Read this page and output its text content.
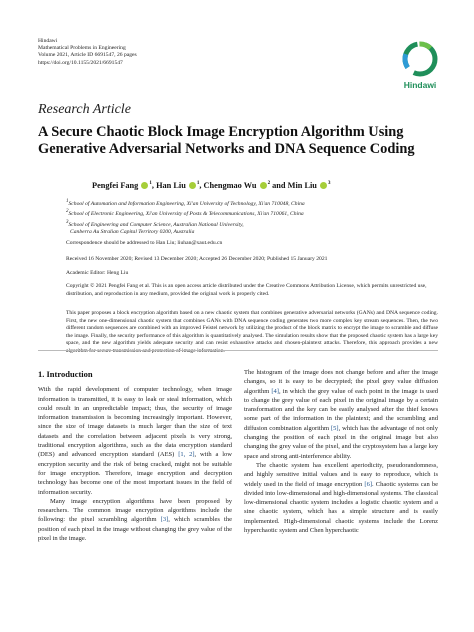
Hindawi
Mathematical Problems in Engineering
Volume 2021, Article ID 6691547, 26 pages
https://doi.org/10.1155/2021/6691547
Hindawi
Research Article
A Secure Chaotic Block Image Encryption Algorithm Using Generative Adversarial Networks and DNA Sequence Coding
Pengfei Fang $^1$, Han Liu $^1$, Chengmao Wu $^2$ and Min Liu $^3$
1School of Automation and Information Engineering, Xi'an University of Technology, Xi'an 710048, China
2School of Electronic Engineering, Xi'an University of Posts & Telecommunications, Xi'an 710061, China
3School of Engineering and Computer Science, Australian National University,
Canberra Au Stralian Capital Territory 0200, Australia
Correspondence should be addressed to Han Liu; liuhan@xaut.edu.cn
Received 16 November 2020; Revised 13 December 2020; Accepted 26 December 2020; Published 15 January 2021
Academic Editor: Heng Liu
Copyright © 2021 Pengfei Fang et al. This is an open access article distributed under the Creative Commons Attribution License, which permits unrestricted use, distribution, and reproduction in any medium, provided the original work is properly cited.
This paper proposes a block encryption algorithm based on a new chaotic system that combines generative adversarial networks (GANs) and DNA sequence coding. First, the new one-dimensional chaotic system that combines GANs with DNA sequence coding generates two more complex key stream sequences. Then, the two different random sequences are combined with an improved Feistel network by utilizing the product of the block matrix to encrypt the image to scramble and diffuse the image. Finally, the security performance of this algorithm is quantitatively analysed. The simulation results show that the proposed chaotic system has a large key space, and the new algorithm yields adequate security and can resist exhaustive attacks and chosen-plaintext attacks. Therefore, this approach provides a new algorithm for secure transmission and protection of image information.
1. Introduction

With the rapid development of computer technology, when image information is transmitted, it is easy to leak or steal information, which could result in an unpredictable impact; thus, the security of image information transmission is becoming increasingly important. However, since the size of image datasets is much larger than the size of text datasets and the correlation between adjacent pixels is very strong, traditional encryption algorithms, such as the data encryption standard (DES) and advanced encryption standard (AES) [1, 2], with a low encryption security and the risk of being cracked, might not be suitable for image encryption. Therefore, image encryption and decryption technology has become one of the most important issues in the field of information security.

Many image encryption algorithms have been proposed by researchers. The common image encryption algorithms include the following: the pixel scrambling algorithm [3], which scrambles the position of each pixel in the image without changing the grey value of the pixel in the image.

The histogram of the image does not change before and after the image changes, so it is easy to be decrypted; the pixel grey value diffusion algorithm [4], in which the grey value of each point in the image is used to change the grey value of each pixel in the original image by a certain transformation and the key can be easily analysed after the thief knows some part of the information in the plaintext; and the scrambling and diffusion combination algorithm [5], which has the advantage of not only changing the position of each pixel in the original image but also changing the grey value of the pixel, and the cryptosystem has a large key space and strong anti-interference ability.

The chaotic system has excellent aperiodicity, pseudorandomness, and highly sensitive initial values and is easy to reproduce, which is widely used in the field of image encryption [6]. Chaotic systems can be divided into low-dimensional and high-dimensional systems. The classical low-dimensional chaotic system includes a logistic chaotic system and a sine chaotic system, which has a simple structure and is easily implemented. High-dimensional chaotic systems include the Lorenz hyperchaotic system and Chen hyperchaotic
